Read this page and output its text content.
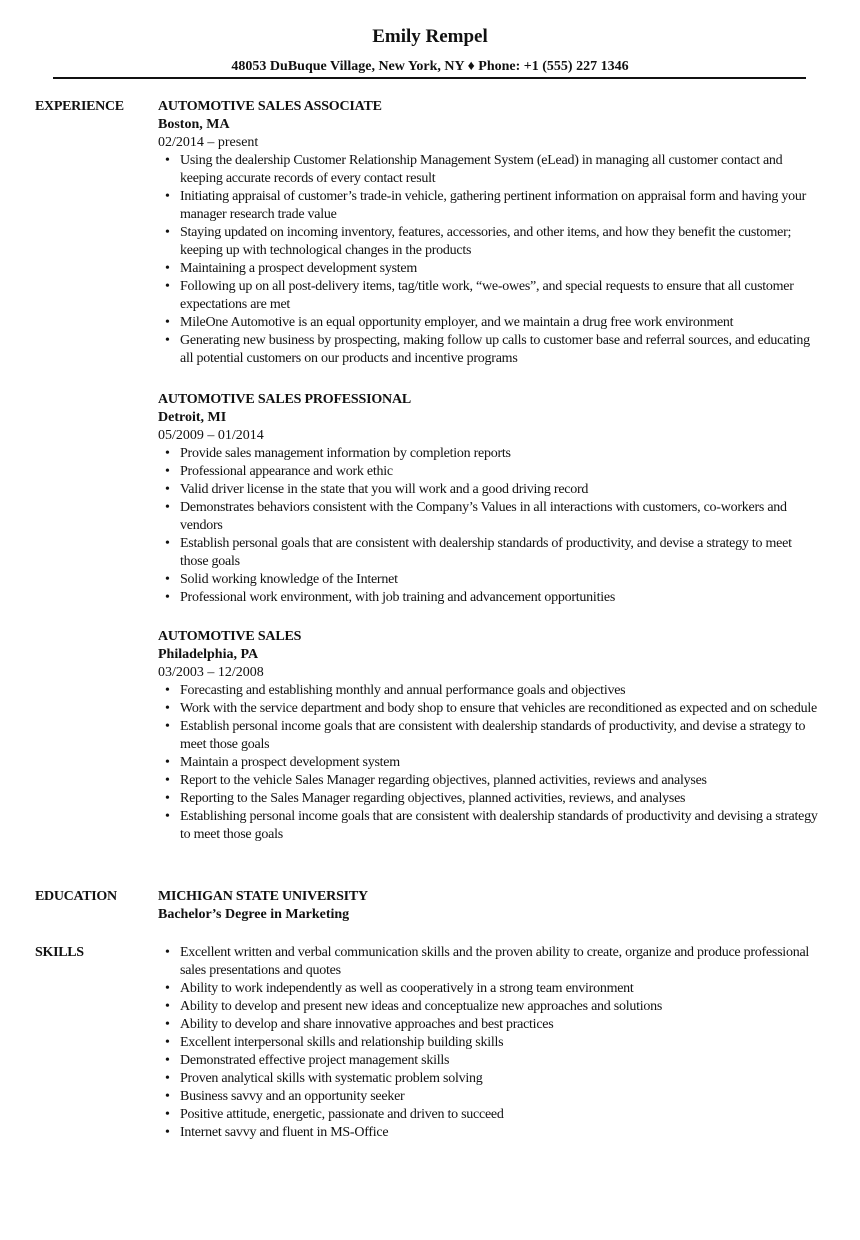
Emily Rempel
48053 DuBuque Village, New York, NY ♦ Phone: +1 (555) 227 1346
EXPERIENCE AUTOMOTIVE SALES ASSOCIATE
Boston, MA
02/2014 – present
• Using the dealership Customer Relationship Management System (eLead) in managing all customer contact and keeping accurate records of every contact result
• Initiating appraisal of customer’s trade-in vehicle, gathering pertinent information on appraisal form and having your manager research trade value
• Staying updated on incoming inventory, features, accessories, and other items, and how they benefit the customer; keeping up with technological changes in the products
• Maintaining a prospect development system
• Following up on all post-delivery items, tag/title work, “we-owes”, and special requests to ensure that all customer expectations are met
• MileOne Automotive is an equal opportunity employer, and we maintain a drug free work environment
• Generating new business by prospecting, making follow up calls to customer base and referral sources, and educating all potential customers on our products and incentive programs
AUTOMOTIVE SALES PROFESSIONAL
Detroit, MI
05/2009 – 01/2014
• Provide sales management information by completion reports
• Professional appearance and work ethic
• Valid driver license in the state that you will work and a good driving record
• Demonstrates behaviors consistent with the Company’s Values in all interactions with customers, co-workers and vendors
• Establish personal goals that are consistent with dealership standards of productivity, and devise a strategy to meet those goals
• Solid working knowledge of the Internet
• Professional work environment, with job training and advancement opportunities
AUTOMOTIVE SALES
Philadelphia, PA
03/2003 – 12/2008
• Forecasting and establishing monthly and annual performance goals and objectives
• Work with the service department and body shop to ensure that vehicles are reconditioned as expected and on schedule
• Establish personal income goals that are consistent with dealership standards of productivity, and devise a strategy to meet those goals
• Maintain a prospect development system
• Report to the vehicle Sales Manager regarding objectives, planned activities, reviews and analyses
• Reporting to the Sales Manager regarding objectives, planned activities, reviews, and analyses
• Establishing personal income goals that are consistent with dealership standards of productivity and devising a strategy to meet those goals
EDUCATION	MICHIGAN STATE UNIVERSITY
Bachelor’s Degree in Marketing
SKILLS	• Excellent written and verbal communication skills and the proven ability to create, organize and produce professional sales presentations and quotes
• Ability to work independently as well as cooperatively in a strong team environment
• Ability to develop and present new ideas and conceptualize new approaches and solutions
• Ability to develop and share innovative approaches and best practices
• Excellent interpersonal skills and relationship building skills
• Demonstrated effective project management skills
• Proven analytical skills with systematic problem solving
• Business savvy and an opportunity seeker
• Positive attitude, energetic, passionate and driven to succeed
• Internet savvy and fluent in MS-Office
